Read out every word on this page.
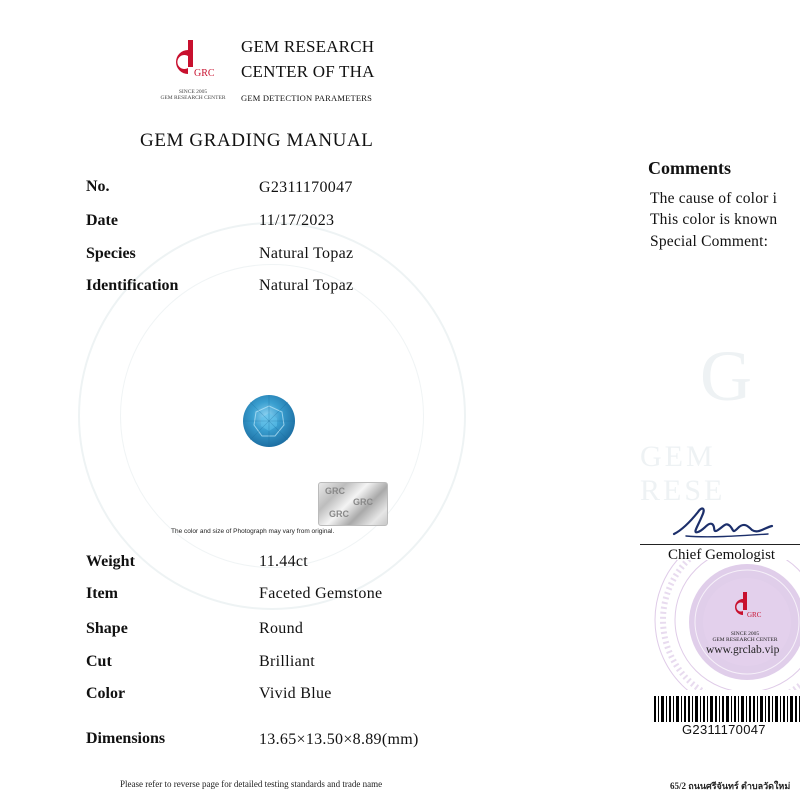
G
GEM RESE
GRC
SINCE 2005
GEM RESEARCH CENTER
GEM RESEARCH
CENTER OF THA
GEM DETECTION PARAMETERS
GEM GRADING MANUAL
No.	G2311170047
Date	11/17/2023
Species	Natural Topaz
Identification	Natural Topaz
GRC
GRC
GRC
The color and size of Photograph may vary from original.
Weight	11.44ct
Item	Faceted Gemstone
Shape	Round
Cut	Brilliant
Color	Vivid Blue
Dimensions	13.65×13.50×8.89(mm)
Please refer to reverse page for detailed testing standards and trade name
Comments
The cause of color i
This color is known
Special Comment:
Chief Gemologist
GRC
SINCE 2005
GEM RESEARCH CENTER
www.grclab.vip
G2311170047
65/2 ถนนศรีจันทร์ ตำบลวัดใหม่
